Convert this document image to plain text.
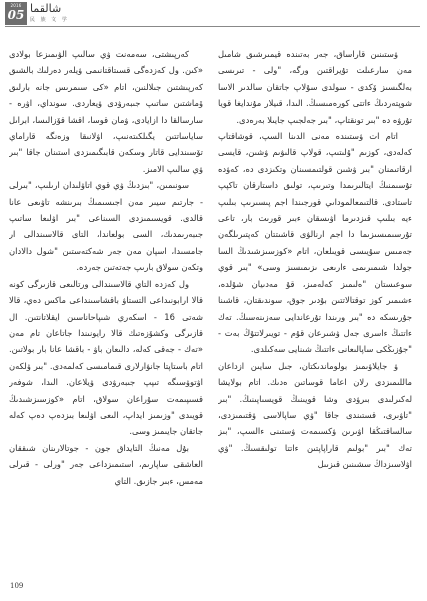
2016
05 شالقما
民 族 文 学

ۋستىنىن قاراساق، جەر بەتىندە قيمىرشىق شامىل مەن سارعىلت تۇيراقتىن ورگە، "ولى - تىرىسى بەلگىسىز ۆكدى - سولدى سۇلاپ جاتقان سالدىر الاسا شوپتەردىڭ ءاتتى كورەمىسىڭ. الىدا، قىيلار مۇندايغا قويا تۇرۋە دە "بىر تونقتاپ، "بىر جەلجىپ جايىلا بەرەدى.

اتام ات ۋستىندە مەنى الدىنا السپ، قوشاقتاپ كەلەدى، كوزىم "ۇلىتىپ، قولاپ قالىۋىم ۋشىن، قايسى ارقاتىمنان "بىر ۋشىن قولتىمسىنان وتكىزدى دە، كەۋدە تۇسىمنىڭ ايتالىرىمدا وتىرىپ، تولىق داستارقان تاكپپ تاستادى. قالتىمعالموداىي قورجىندا اجم پىسىرىپ بىلىپ ءيە بىلىپ قىزدىرما اۋىسقان ءبىر قورىت بار، تاعى تۇرسىمىسىزىما دا اجم ارنالۋى قاشىتتان كەپتىرىلگەن جەمىس سۇيىسى قويىلعان، اتام «كوزسىزشىدىڭ السا جولدا شىمىرىمى ءارىعى ىزىمىسىز وسى» "بىر قوي سوعىستان "ەلىمىز كەلەمىز، قۇ مەدىيان شۇلدە، ءشىمىر كوز توقتالاتتىن بۇدىر جوق، سوندىقتان، قاشىنا جۇرىسكە دە "بىر ورىندا تۇرعاندايى سەزىنەسىڭ. تەك ءاتتىڭ ءاسرى جەل ۋشىرعان قۇم - تويىرلاتتۇڭ بەت - "جۇزىڭكى ساپالىعانى ءاتتىڭ شىنايى سەكىلدى.

ۋ جايلاۋىمىز بولوماندىكتان، جىل سايىن ازداعان ماللىمىزدى رلان اعاما قوساتىن ەدىك. اتام بولايشا لەكىرلىدى بىرۋدى وشا قويىنىڭ قويسىاپىنىڭ. "بىر "تاۋىرى، قستىندى جاقا "ۋي ساپالاسى ۋقتىمىزدى، سالساقتىڭقا اۋىرىن ۋكسىمەت ۋستىنى ءالسپ، "بىز تەك "بىر "بولىم قاراپاپتىن ءاتتا تولىقسىڭ. "ۋي اۋلاسىزداڭ سشىنىن قىزىىل

كەرپىشتى، سەمەنت ۋي سالىپ الۋىمىزعا بولادى «كىن. ول كەزدەگى قسىتاقتانىمى ۋيلەر دەرلىك بالشىق كەرپىشتىن جىلالنىن، اتام «كى سىمرىس جانە بارلىق ۆماشتىن ساتىپ جىبەرۋدى ۋيعاردى. سونداي، اۋرە - سارسالقا دا ازايادى، ۋمان قوسا، اقشا قۆزالىسا، ابراىل ساياساتتىن يگىلكىتەنىپ، اۋلانىقا وزەنگە قاراماي تۆسىندايى قاتار وسكەن قابىگىمىزدى استىنان جاقا "بىر ۋي سالىپ الامىز.

سونىمىن، "بىزدىڭ ۋي قوي اتاۋلىدان ارىلىپ، "بىرلى - جارتىم سيىر مەن اجىسىمىڭ بىرىنشە تاۋىعى عانا قالدى. قويسىمىزدى السىناعى "بىر اۋلىعا ساتىپ جىبەرىمدىك، السى بولعاندا، التاى قالاسىندالى ار جامسىدا، اسپان مەن جەر شەكتەستىن "شول دالادان وتكەن سولاق بارىپ جەتەتىن جەردە.

ول كەزدە التاي قالاسىندالى ورتالىعى قازىرگى كونە قالا ارابونىداعى التستاۋ باقشاسىنداعى ماكس دەي، قالا شەتى 16 - اسكەري شىپاحاناسىن ايقلاتانتىن. ال قازىرگى وكشۆزەتىك قالا رايونىندا جاتاعان تام مەن «تەك - جەقى كەلە، دالىعان باۋ - باقشا عانا بار بولاتىن. اتام باستاپتا جانۋارلارى قىمامىسى كەلمەدى. "بىر ۋلكەن اۋتوۋسىگە تىپپ جىبەرۋدى ۋيلاعان. الىدا، شوفەر قسىپىمەت سۇراعان سولاق، اتام «كوزسىزشىدىڭ قويىدى "وزىمىز ايداپ، الىعى اۋلىعا بىزدەپ دەپ كەلە جاتقان جايىمىز وسى.

بۇل مەنىڭ التايداق جون - جوتالارىنان شىققان العاشقى ساپارىم، استىمىزداعى جەر "ورلى - قىرلى مەمس، ءبىر جازىق. التاي

109
